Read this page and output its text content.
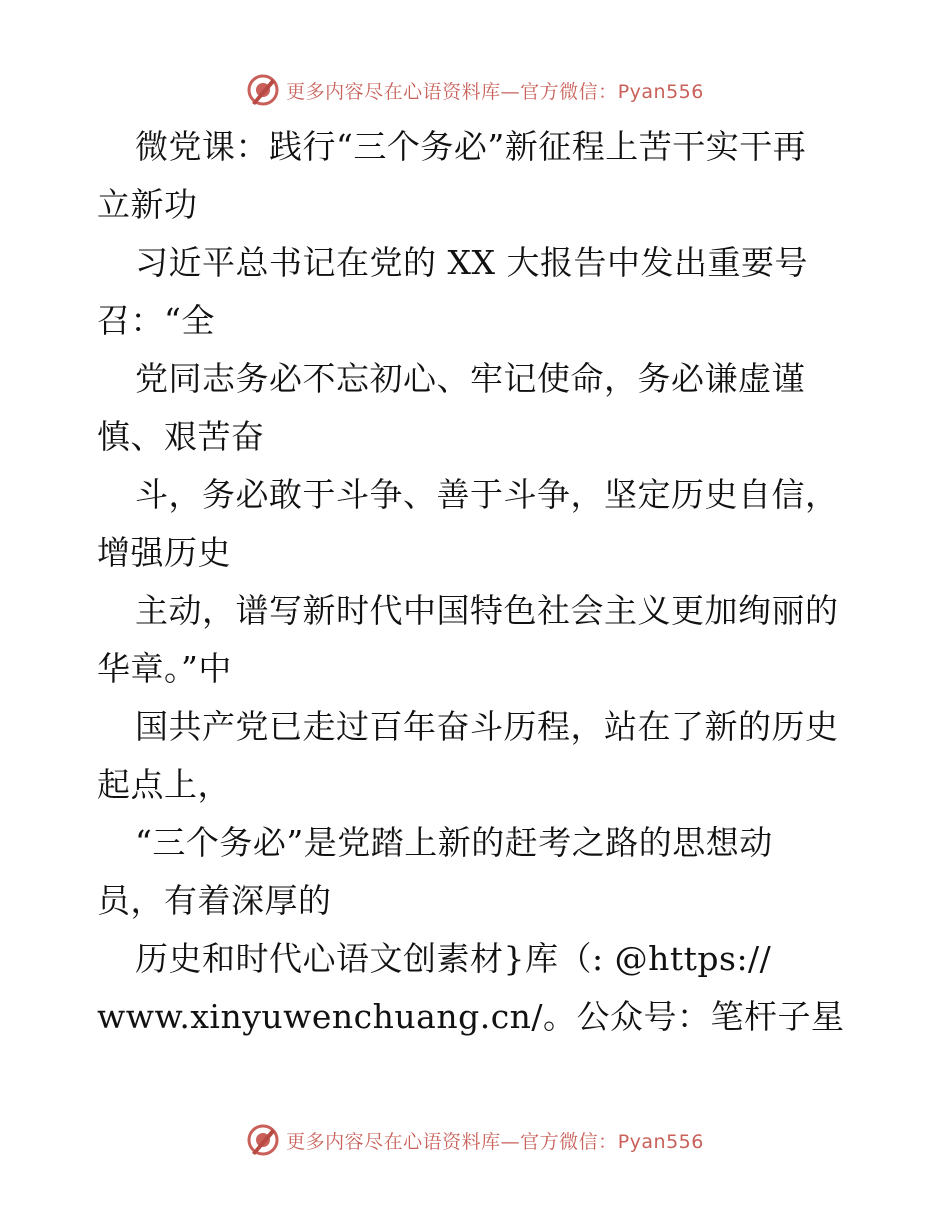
更多内容尽在心语资料库—官方微信：Pyan556
微党课：践行“三个务必”新征程上苦干实干再
立新功
习近平总书记在党的 XX 大报告中发出重要号
召：“全
党同志务必不忘初心、牢记使命，务必谦虚谨
慎、艰苦奋
斗，务必敢于斗争、善于斗争，坚定历史自信，
增强历史
主动，谱写新时代中国特色社会主义更加绚丽的
华章。”中
国共产党已走过百年奋斗历程，站在了新的历史
起点上，
“三个务必”是党踏上新的赶考之路的思想动
员，有着深厚的
历史和时代心语文创素材}库（: @https://
www.xinyuwenchuang.cn/。公众号：笔杆子星
更多内容尽在心语资料库—官方微信：Pyan556
